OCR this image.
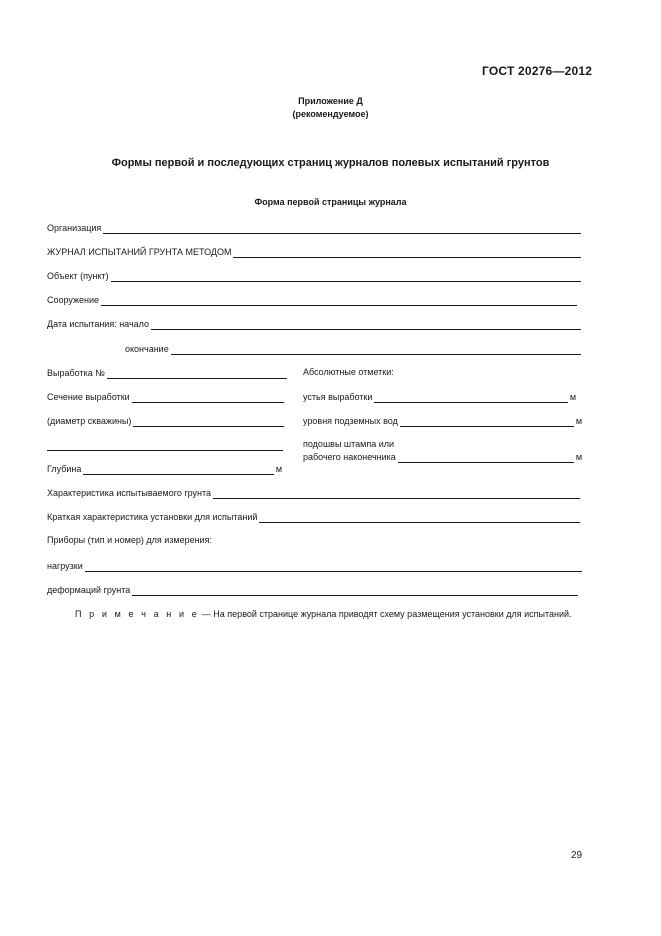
ГОСТ 20276—2012
Приложение Д
(рекомендуемое)
Формы первой и последующих страниц журналов полевых испытаний грунтов
Форма первой страницы журнала
Организация
ЖУРНАЛ ИСПЫТАНИЙ ГРУНТА МЕТОДОМ
Объект (пункт)
Сооружение
Дата испытания: начало
окончание
Выработка №
Сечение выработки
(диаметр скважины)
Глубина	м
Абсолютные отметки:
устья выработки	м
уровня подземных вод	м
подошвы штампа или
рабочего наконечника	м
Характеристика испытываемого грунта
Краткая характеристика установки для испытаний
Приборы (тип и номер) для измерения:
нагрузки
деформаций грунта
П р и м е ч а н и е — На первой странице журнала приводят схему размещения установки для испытаний.
29
